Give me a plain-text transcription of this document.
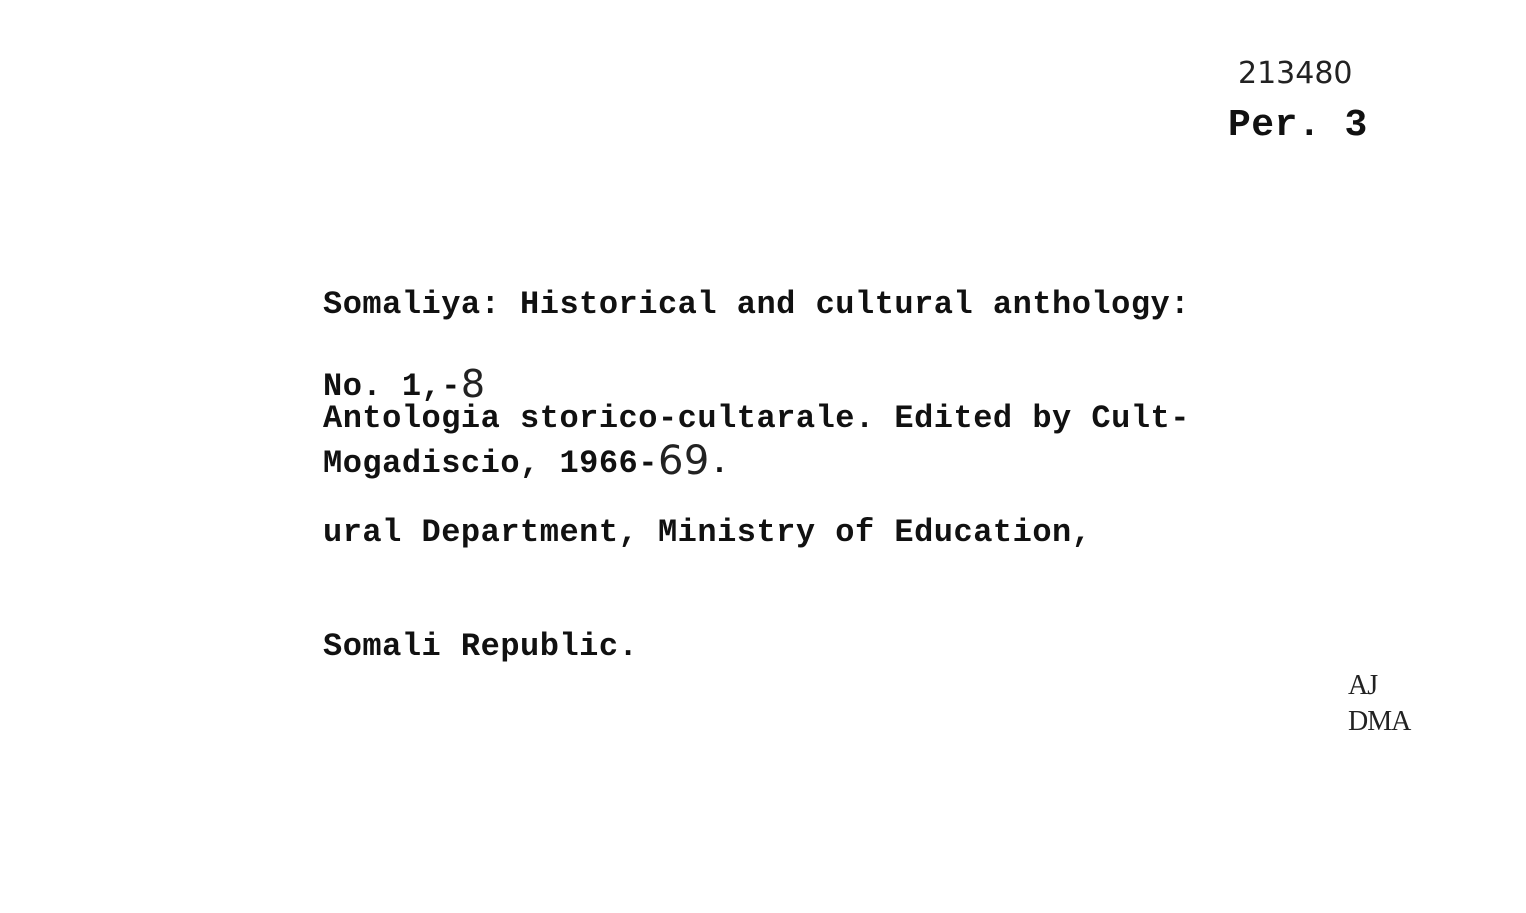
213480
Per. 3

Somaliya: Historical and cultural anthology:

Antologia storico-cultarale. Edited by Cult-

ural Department, Ministry of Education,

Somali Republic.

No. 1,-8
Mogadiscio, 1966-69.
AJ
DMA
